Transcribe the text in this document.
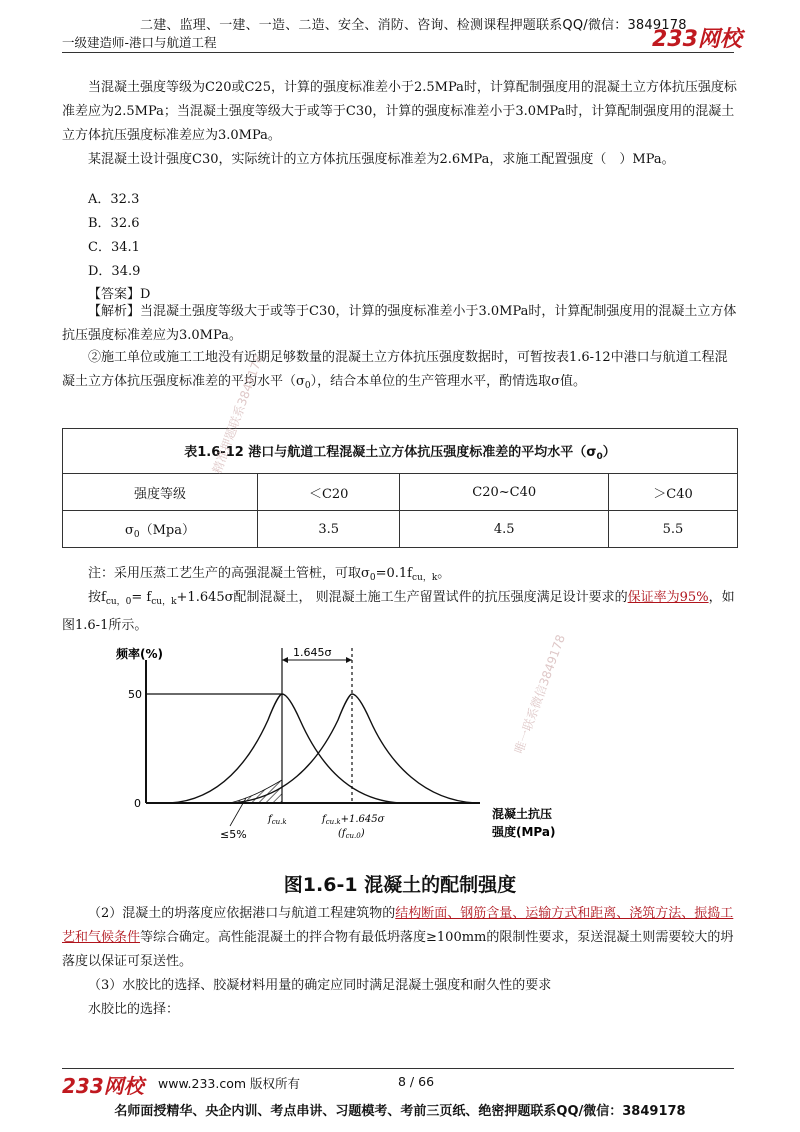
二建、监理、一建、一造、二造、安全、消防、咨询、检测课程押题联系QQ/微信：3849178
一级建造师-港口与航道工程	233网校
当混凝土强度等级为C20或C25，计算的强度标准差小于2.5MPa时，计算配制强度用的混凝土立方体抗压强度标准差应为2.5MPa；当混凝土强度等级大于或等于C30，计算的强度标准差小于3.0MPa时，计算配制强度用的混凝土立方体抗压强度标准差应为3.0MPa。
某混凝土设计强度C30，实际统计的立方体抗压强度标准差为2.6MPa，求施工配置强度（　）MPa。
A．32.3
B．32.6
C．34.1
D．34.9
【答案】D
【解析】当混凝土强度等级大于或等于C30，计算的强度标准差小于3.0MPa时，计算配制强度用的混凝土立方体抗压强度标准差应为3.0MPa。
②施工单位或施工工地没有近期足够数量的混凝土立方体抗压强度数据时，可暂按表1.6-12中港口与航道工程混凝土立方体抗压强度标准差的平均水平$(\sigma_0)$，结合本单位的生产管理水平，酌情选取σ值。
表1.6-12 港口与航道工程混凝土立方体抗压强度标准差的平均水平$(\sigma_0)$			
强度等级	＜C20	C20~C40	＞C40
$\sigma_0(Mpa)$	3.5	4.5	5.5
注：采用压蒸工艺生产的高强混凝土管桩，可取$\sigma_0=0.1f_{cu,k}$。
按$f_{cu,0}= f_{cu,k}+1.645\sigma$配制混凝土， 则混凝土施工生产留置试件的抗压强度满足设计要求的保证率为95%，如图1.6-1所示。
频率(%)
50
0
1.645σ
$f_{cu.k}$	$f_{cu.k}+1.645\sigma$
$(f_{cu.0})$
≤5%
混凝土抗压
强度(MPa)
图1.6-1 混凝土的配制强度
精准押题联系3849178
唯一联系微信3849178
（2）混凝土的坍落度应依据港口与航道工程建筑物的结构断面、钢筋含量、运输方式和距离、浇筑方法、振捣工艺和气候条件等综合确定。高性能混凝土的拌合物有最低坍落度≥100mm的限制性要求，泵送混凝土则需要较大的坍落度以保证可泵送性。
（3）水胶比的选择、胶凝材料用量的确定应同时满足混凝土强度和耐久性的要求
水胶比的选择：
233网校 www.233.com 版权所有	8 / 66
名师面授精华、央企内训、考点串讲、习题模考、考前三页纸、绝密押题联系QQ/微信：3849178
